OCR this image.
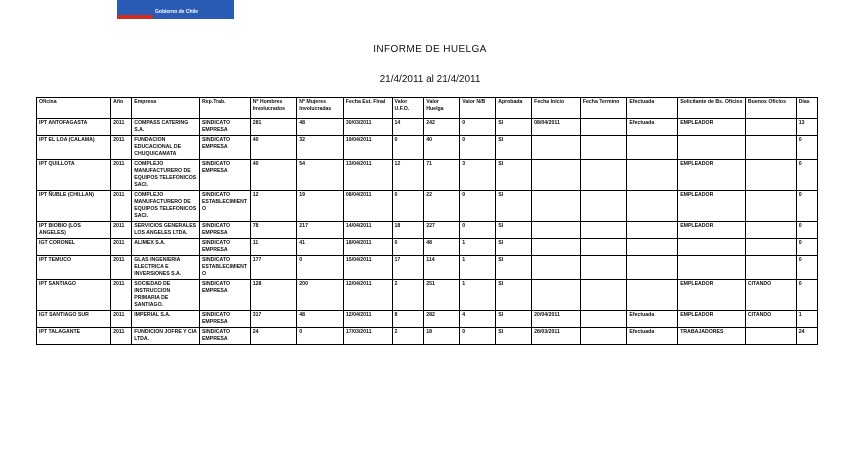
Gobierno de Chile
INFORME DE HUELGA
21/4/2011 al 21/4/2011
Oficina	Año	Empresa	Rep.Trab.	Nº Hombres Involucrados	Nº Mujeres Involucradas	Fecha Est. Final	Valor U.F.O.	Valor Huelga	Valor N/B	Aprobada	Fecha Inicio	Fecha Termino	Efectuada	Solicitante de Bs. Oficios	Buenos Oficios	Días
IPT ANTOFAGASTA	2011	COMPASS CATERING S.A.	SINDICATO EMPRESA	281	48	30/03/2011	14	242	0	SI	08/04/2011		Efectuada	EMPLEADOR		13
IPT EL LOA (CALAMA)	2011	FUNDACION EDUCACIONAL DE CHUQUICAMATA	SINDICATO EMPRESA	40	32	19/04/2011	0	40	0	SI						0
IPT QUILLOTA	2011	COMPLEJO MANUFACTURERO DE EQUIPOS TELEFONICOS SACI.	SINDICATO EMPRESA	40	54	13/04/2011	12	71	3	SI				EMPLEADOR		0
IPT ÑUBLE (CHILLAN)	2011	COMPLEJO MANUFACTURERO DE EQUIPOS TELEFONICOS SACI.	SINDICATO ESTABLECIMIENTO	12	19	08/04/2011	0	22	0	SI				EMPLEADOR		0
IPT BIOBIO (LOS ANGELES)	2011	SERVICIOS GENERALES LOS ANGELES LTDA.	SINDICATO EMPRESA	78	217	14/04/2011	18	227	0	SI				EMPLEADOR		0
IGT CORONEL	2011	ALIMEX S.A.	SINDICATO EMPRESA	11	41	18/04/2011	0	48	1	SI						0
IPT TEMUCO	2011	GLAS INGENIERIA ELECTRICA E INVERSIONES S.A.	SINDICATO ESTABLECIMIENTO	177	0	15/04/2011	17	114	1	SI						0
IPT SANTIAGO	2011	SOCIEDAD DE INSTRUCCION PRIMARIA DE SANTIAGO.	SINDICATO EMPRESA	128	200	12/04/2011	2	251	1	SI				EMPLEADOR	CITANDO	0
IGT SANTIAGO SUR	2011	IMPERIAL S.A.	SINDICATO EMPRESA	317	48	12/04/2011	8	282	4	SI	20/04/2011		Efectuada	EMPLEADOR	CITANDO	1
IPT TALAGANTE	2011	FUNDICION JOFRE Y CIA LTDA.	SINDICATO EMPRESA	24	0	17/03/2011	2	18	0	SI	28/03/2011		Efectuada	TRABAJADORES		24
